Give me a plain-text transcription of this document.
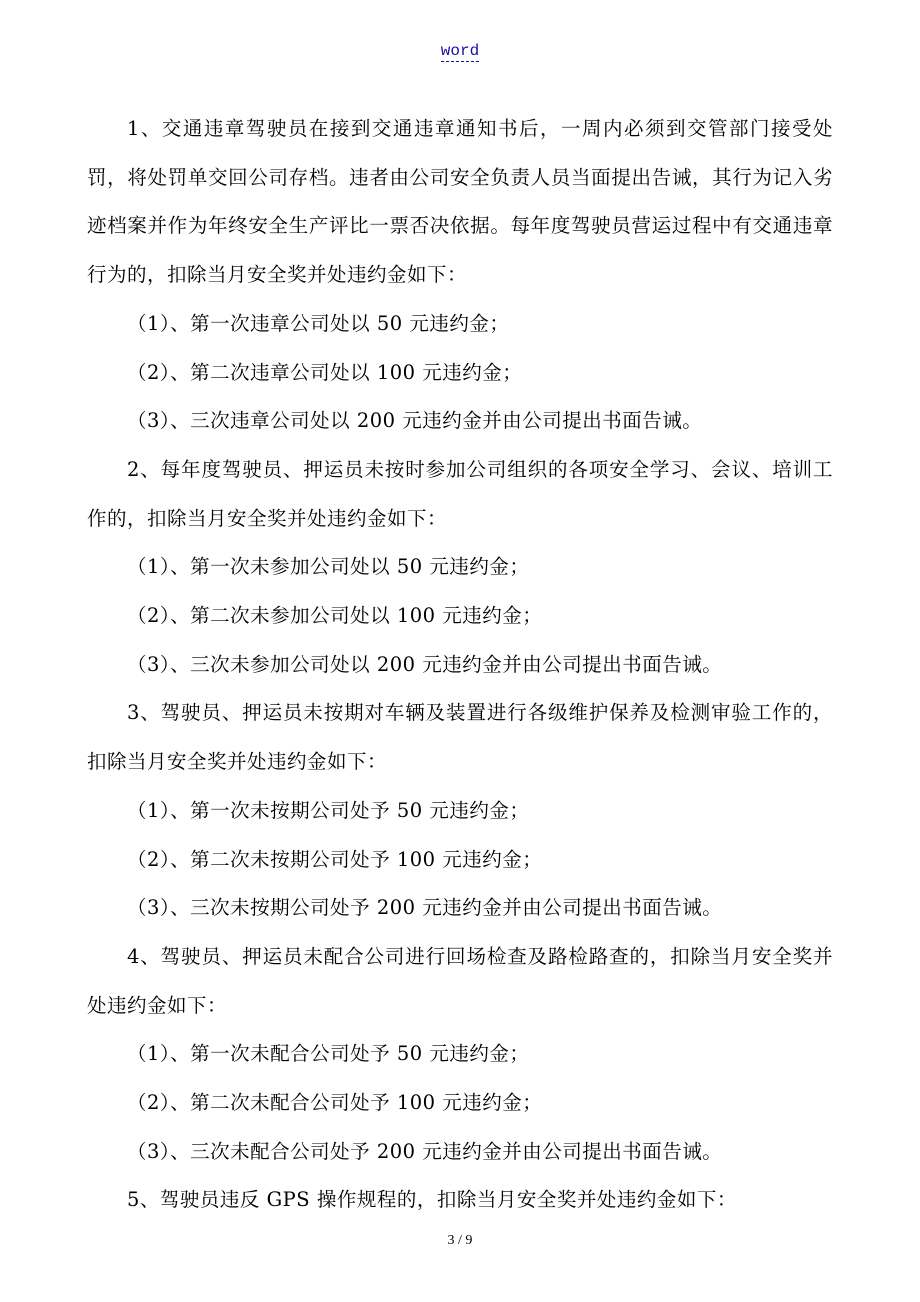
word

1、交通违章驾驶员在接到交通违章通知书后，一周内必须到交管部门接受处罚，将处罚单交回公司存档。违者由公司安全负责人员当面提出告诫，其行为记入劣迹档案并作为年终安全生产评比一票否决依据。每年度驾驶员营运过程中有交通违章行为的，扣除当月安全奖并处违约金如下：

（1）、第一次违章公司处以 50 元违约金；

（2）、第二次违章公司处以 100 元违约金；

（3）、三次违章公司处以 200 元违约金并由公司提出书面告诫。

2、每年度驾驶员、押运员未按时参加公司组织的各项安全学习、会议、培训工作的，扣除当月安全奖并处违约金如下：

（1）、第一次未参加公司处以 50 元违约金；

（2）、第二次未参加公司处以 100 元违约金；

（3）、三次未参加公司处以 200 元违约金并由公司提出书面告诫。

3、驾驶员、押运员未按期对车辆及装置进行各级维护保养及检测审验工作的，扣除当月安全奖并处违约金如下：

（1）、第一次未按期公司处予 50 元违约金；

（2）、第二次未按期公司处予 100 元违约金；

（3）、三次未按期公司处予 200 元违约金并由公司提出书面告诫。

4、驾驶员、押运员未配合公司进行回场检查及路检路查的，扣除当月安全奖并处违约金如下：

（1）、第一次未配合公司处予 50 元违约金；

（2）、第二次未配合公司处予 100 元违约金；

（3）、三次未配合公司处予 200 元违约金并由公司提出书面告诫。

5、驾驶员违反 GPS 操作规程的，扣除当月安全奖并处违约金如下：

3 / 9
